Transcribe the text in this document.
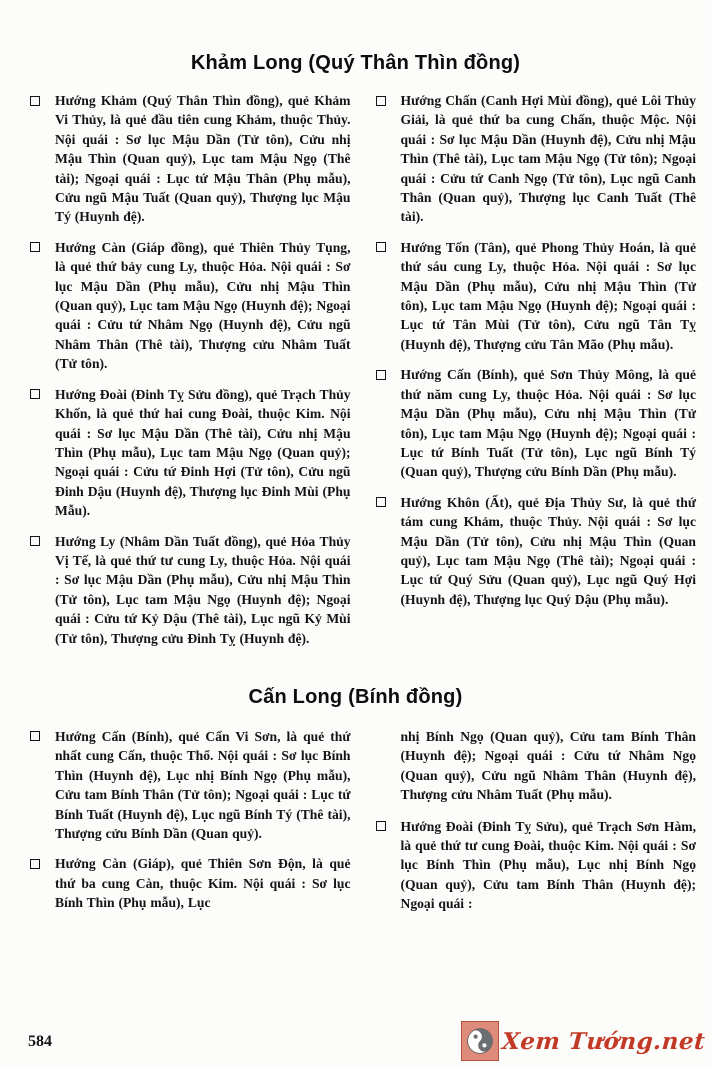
Khảm Long (Quý Thân Thìn đồng)
Hướng Khảm (Quý Thân Thìn đồng), quẻ Khảm Vi Thủy, là quẻ đầu tiên cung Khảm, thuộc Thủy. Nội quái : Sơ lục Mậu Dần (Tử tôn), Cửu nhị Mậu Thìn (Quan quỷ), Lục tam Mậu Ngọ (Thê tài); Ngoại quái : Lục tứ Mậu Thân (Phụ mẫu), Cửu ngũ Mậu Tuất (Quan quỷ), Thượng lục Mậu Tý (Huynh đệ).
Hướng Càn (Giáp đồng), quẻ Thiên Thủy Tụng, là quẻ thứ bảy cung Ly, thuộc Hỏa. Nội quái : Sơ lục Mậu Dần (Phụ mẫu), Cửu nhị Mậu Thìn (Quan quỷ), Lục tam Mậu Ngọ (Huynh đệ); Ngoại quái : Cửu tứ Nhâm Ngọ (Huynh đệ), Cửu ngũ Nhâm Thân (Thê tài), Thượng cửu Nhâm Tuất (Tử tôn).
Hướng Đoài (Đinh Tỵ Sửu đồng), quẻ Trạch Thủy Khốn, là quẻ thứ hai cung Đoài, thuộc Kim. Nội quái : Sơ lục Mậu Dần (Thê tài), Cửu nhị Mậu Thìn (Phụ mẫu), Lục tam Mậu Ngọ (Quan quỷ); Ngoại quái : Cửu tứ Đinh Hợi (Tử tôn), Cửu ngũ Đinh Dậu (Huynh đệ), Thượng lục Đinh Mùi (Phụ Mẫu).
Hướng Ly (Nhâm Dần Tuất đồng), quẻ Hỏa Thủy Vị Tế, là quẻ thứ tư cung Ly, thuộc Hỏa. Nội quái : Sơ lục Mậu Dần (Phụ mẫu), Cửu nhị Mậu Thìn (Tử tôn), Lục tam Mậu Ngọ (Huynh đệ); Ngoại quái : Cửu tứ Kỷ Dậu (Thê tài), Lục ngũ Kỷ Mùi (Tử tôn), Thượng cửu Đinh Tỵ (Huynh đệ).
Hướng Chấn (Canh Hợi Mùi đồng), quẻ Lôi Thủy Giải, là quẻ thứ ba cung Chấn, thuộc Mộc. Nội quái : Sơ lục Mậu Dần (Huynh đệ), Cửu nhị Mậu Thìn (Thê tài), Lục tam Mậu Ngọ (Tử tôn); Ngoại quái : Cửu tứ Canh Ngọ (Tử tôn), Lục ngũ Canh Thân (Quan quỷ), Thượng lục Canh Tuất (Thê tài).
Hướng Tốn (Tân), quẻ Phong Thủy Hoán, là quẻ thứ sáu cung Ly, thuộc Hỏa. Nội quái : Sơ lục Mậu Dần (Phụ mẫu), Cửu nhị Mậu Thìn (Tử tôn), Lục tam Mậu Ngọ (Huynh đệ); Ngoại quái : Lục tứ Tân Mùi (Tử tôn), Cửu ngũ Tân Tỵ (Huynh đệ), Thượng cửu Tân Mão (Phụ mẫu).
Hướng Cấn (Bính), quẻ Sơn Thủy Mông, là quẻ thứ năm cung Ly, thuộc Hỏa. Nội quái : Sơ lục Mậu Dần (Phụ mẫu), Cửu nhị Mậu Thìn (Tử tôn), Lục tam Mậu Ngọ (Huynh đệ); Ngoại quái : Lục tứ Bính Tuất (Tử tôn), Lục ngũ Bính Tý (Quan quỷ), Thượng cửu Bính Dần (Phụ mẫu).
Hướng Khôn (Ất), quẻ Địa Thủy Sư, là quẻ thứ tám cung Khảm, thuộc Thủy. Nội quái : Sơ lục Mậu Dần (Tử tôn), Cửu nhị Mậu Thìn (Quan quỷ), Lục tam Mậu Ngọ (Thê tài); Ngoại quái : Lục tứ Quý Sửu (Quan quỷ), Lục ngũ Quý Hợi (Huynh đệ), Thượng lục Quý Dậu (Phụ mẫu).
Cấn Long (Bính đồng)
Hướng Cấn (Bính), quẻ Cấn Vi Sơn, là quẻ thứ nhất cung Cấn, thuộc Thổ. Nội quái : Sơ lục Bính Thìn (Huynh đệ), Lục nhị Bính Ngọ (Phụ mẫu), Cửu tam Bính Thân (Tử tôn); Ngoại quái : Lục tứ Bính Tuất (Huynh đệ), Lục ngũ Bính Tý (Thê tài), Thượng cửu Bính Dần (Quan quỷ).
Hướng Càn (Giáp), quẻ Thiên Sơn Độn, là quẻ thứ ba cung Càn, thuộc Kim. Nội quái : Sơ lục Bính Thìn (Phụ mẫu), Lục
nhị Bính Ngọ (Quan quỷ), Cửu tam Bính Thân (Huynh đệ); Ngoại quái : Cửu tứ Nhâm Ngọ (Quan quỷ), Cửu ngũ Nhâm Thân (Huynh đệ), Thượng cửu Nhâm Tuất (Phụ mẫu).
Hướng Đoài (Đinh Tỵ Sửu), quẻ Trạch Sơn Hàm, là quẻ thứ tư cung Đoài, thuộc Kim. Nội quái : Sơ lục Bính Thìn (Phụ mẫu), Lục nhị Bính Ngọ (Quan quỷ), Cửu tam Bính Thân (Huynh đệ); Ngoại quái :
584	Xem Tướng.net
